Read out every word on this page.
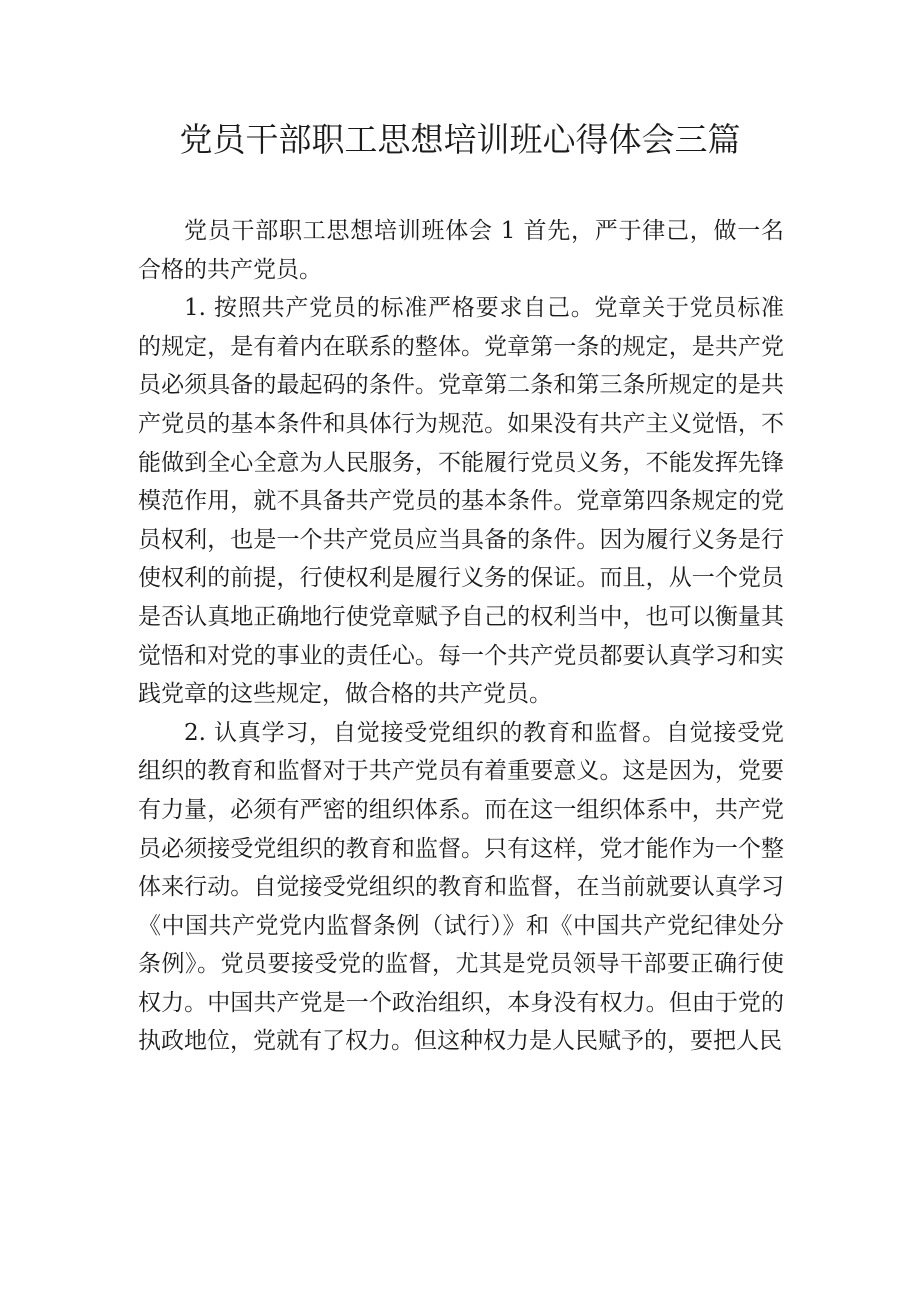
党员干部职工思想培训班心得体会三篇

党员干部职工思想培训班体会 1 首先，严于律己，做一名合格的共产党员。

1. 按照共产党员的标准严格要求自己。党章关于党员标准的规定，是有着内在联系的整体。党章第一条的规定，是共产党员必须具备的最起码的条件。党章第二条和第三条所规定的是共产党员的基本条件和具体行为规范。如果没有共产主义觉悟，不能做到全心全意为人民服务，不能履行党员义务，不能发挥先锋模范作用，就不具备共产党员的基本条件。党章第四条规定的党员权利，也是一个共产党员应当具备的条件。因为履行义务是行使权利的前提，行使权利是履行义务的保证。而且，从一个党员是否认真地正确地行使党章赋予自己的权利当中，也可以衡量其觉悟和对党的事业的责任心。每一个共产党员都要认真学习和实践党章的这些规定，做合格的共产党员。

2. 认真学习，自觉接受党组织的教育和监督。自觉接受党组织的教育和监督对于共产党员有着重要意义。这是因为，党要有力量，必须有严密的组织体系。而在这一组织体系中，共产党员必须接受党组织的教育和监督。只有这样，党才能作为一个整体来行动。自觉接受党组织的教育和监督，在当前就要认真学习《中国共产党党内监督条例（试行）》和《中国共产党纪律处分条例》。党员要接受党的监督，尤其是党员领导干部要正确行使权力。中国共产党是一个政治组织，本身没有权力。但由于党的执政地位，党就有了权力。但这种权力是人民赋予的，要把人民
